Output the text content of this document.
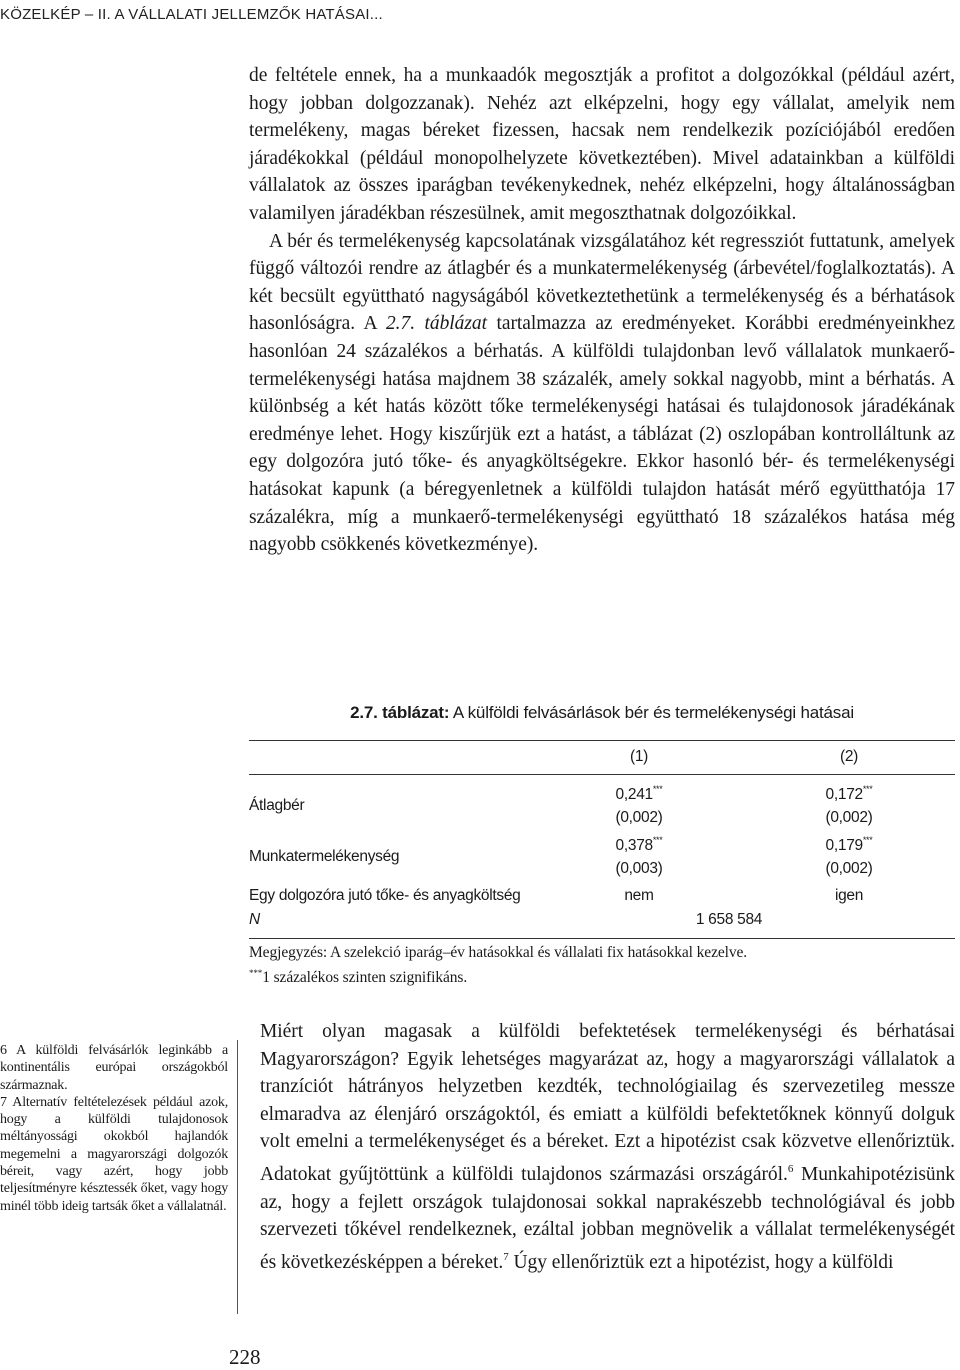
KÖZELKÉP – II. A VÁLLALATI JELLEMZŐK HATÁSAI...

de feltétele ennek, ha a munkaadók megosztják a profitot a dolgozókkal (például azért, hogy jobban dolgozzanak). Nehéz azt elképzelni, hogy egy vállalat, amelyik nem termelékeny, magas béreket fizessen, hacsak nem rendelkezik pozíciójából eredően járadékokkal (például monopolhelyzete következtében). Mivel adatainkban a külföldi vállalatok az összes iparágban tevékenykednek, nehéz elképzelni, hogy általánosságban valamilyen járadékban részesülnek, amit megoszthatnak dolgozóikkal.

A bér és termelékenység kapcsolatának vizsgálatához két regressziót futtatunk, amelyek függő változói rendre az átlagbér és a munkatermelékenység (árbevétel/foglalkoztatás). A két becsült együttható nagyságából következtethetünk a termelékenység és a bérhatások hasonlóságra. A 2.7. táblázat tartalmazza az eredményeket. Korábbi eredményeinkhez hasonlóan 24 százalékos a bérhatás. A külföldi tulajdonban levő vállalatok munkaerő-termelékenységi hatása majdnem 38 százalék, amely sokkal nagyobb, mint a bérhatás. A különbség a két hatás között tőke termelékenységi hatásai és tulajdonosok járadékának eredménye lehet. Hogy kiszűrjük ezt a hatást, a táblázat (2) oszlopában kontrolláltunk az egy dolgozóra jutó tőke- és anyagköltségekre. Ekkor hasonló bér- és termelékenységi hatásokat kapunk (a béregyenletnek a külföldi tulajdon hatását mérő együtthatója 17 százalékra, míg a munkaerő-termelékenységi együttható 18 százalékos hatása még nagyobb csökkenés következménye).

2.7. táblázat: A külföldi felvásárlások bér és termelékenységi hatásai
(1)	(2)
Átlagbér
0,241***	0,172***
(0,002)	(0,002)
Munkatermelékenység
0,378***	0,179***
(0,003)	(0,002)
Egy dolgozóra jutó tőke- és anyagköltség	nem	igen
N	1 658 584

Megjegyzés: A szelekció iparág–év hatásokkal és vállalati fix hatásokkal kezelve.

***1 százalékos szinten szignifikáns.

6 A külföldi felvásárlók leginkább a kontinentális európai országokból származnak.

7 Alternatív feltételezések például azok, hogy a külföldi tulajdonosok méltányossági okokból hajlandók megemelni a magyarországi dolgozók béreit, vagy azért, hogy jobb teljesítményre késztessék őket, vagy hogy minél több ideig tartsák őket a vállalatnál.

Miért olyan magasak a külföldi befektetések termelékenységi és bérhatásai Magyarországon? Egyik lehetséges magyarázat az, hogy a magyarországi vállalatok a tranzíciót hátrányos helyzetben kezdték, technológiailag és szervezetileg messze elmaradva az élenjáró országoktól, és emiatt a külföldi befektetőknek könnyű dolguk volt emelni a termelékenységet és a béreket. Ezt a hipotézist csak közvetve ellenőriztük. Adatokat gyűjtöttünk a külföldi tulajdonos származási országáról.$^6$ Munkahipotézisünk az, hogy a fejlett országok tulajdonosai sokkal naprakészebb technológiával és jobb szervezeti tőkével rendelkeznek, ezáltal jobban megnövelik a vállalat termelékenységét és következésképpen a béreket.$^7$ Úgy ellenőriztük ezt a hipotézist, hogy a külföldi

228
